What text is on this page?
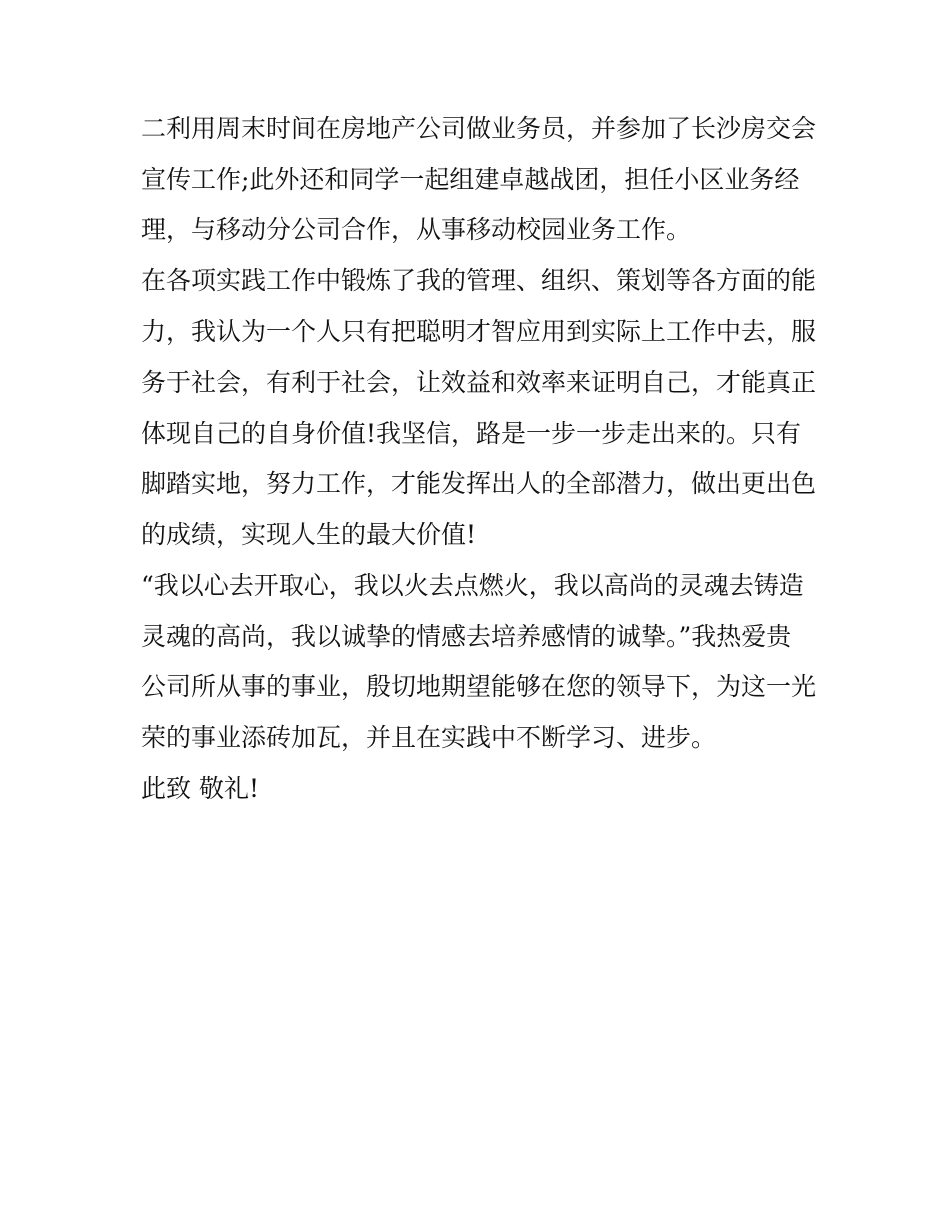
二利用周末时间在房地产公司做业务员，并参加了长沙房交会

宣传工作;此外还和同学一起组建卓越战团，担任小区业务经

理，与移动分公司合作，从事移动校园业务工作。

在各项实践工作中锻炼了我的管理、组织、策划等各方面的能

力，我认为一个人只有把聪明才智应用到实际上工作中去，服

务于社会，有利于社会，让效益和效率来证明自己，才能真正

体现自己的自身价值!我坚信，路是一步一步走出来的。只有

脚踏实地，努力工作，才能发挥出人的全部潜力，做出更出色

的成绩，实现人生的最大价值!

“我以心去开取心，我以火去点燃火，我以高尚的灵魂去铸造

灵魂的高尚，我以诚挚的情感去培养感情的诚挚。”我热爱贵

公司所从事的事业，殷切地期望能够在您的领导下，为这一光

荣的事业添砖加瓦，并且在实践中不断学习、进步。

此致 敬礼!
